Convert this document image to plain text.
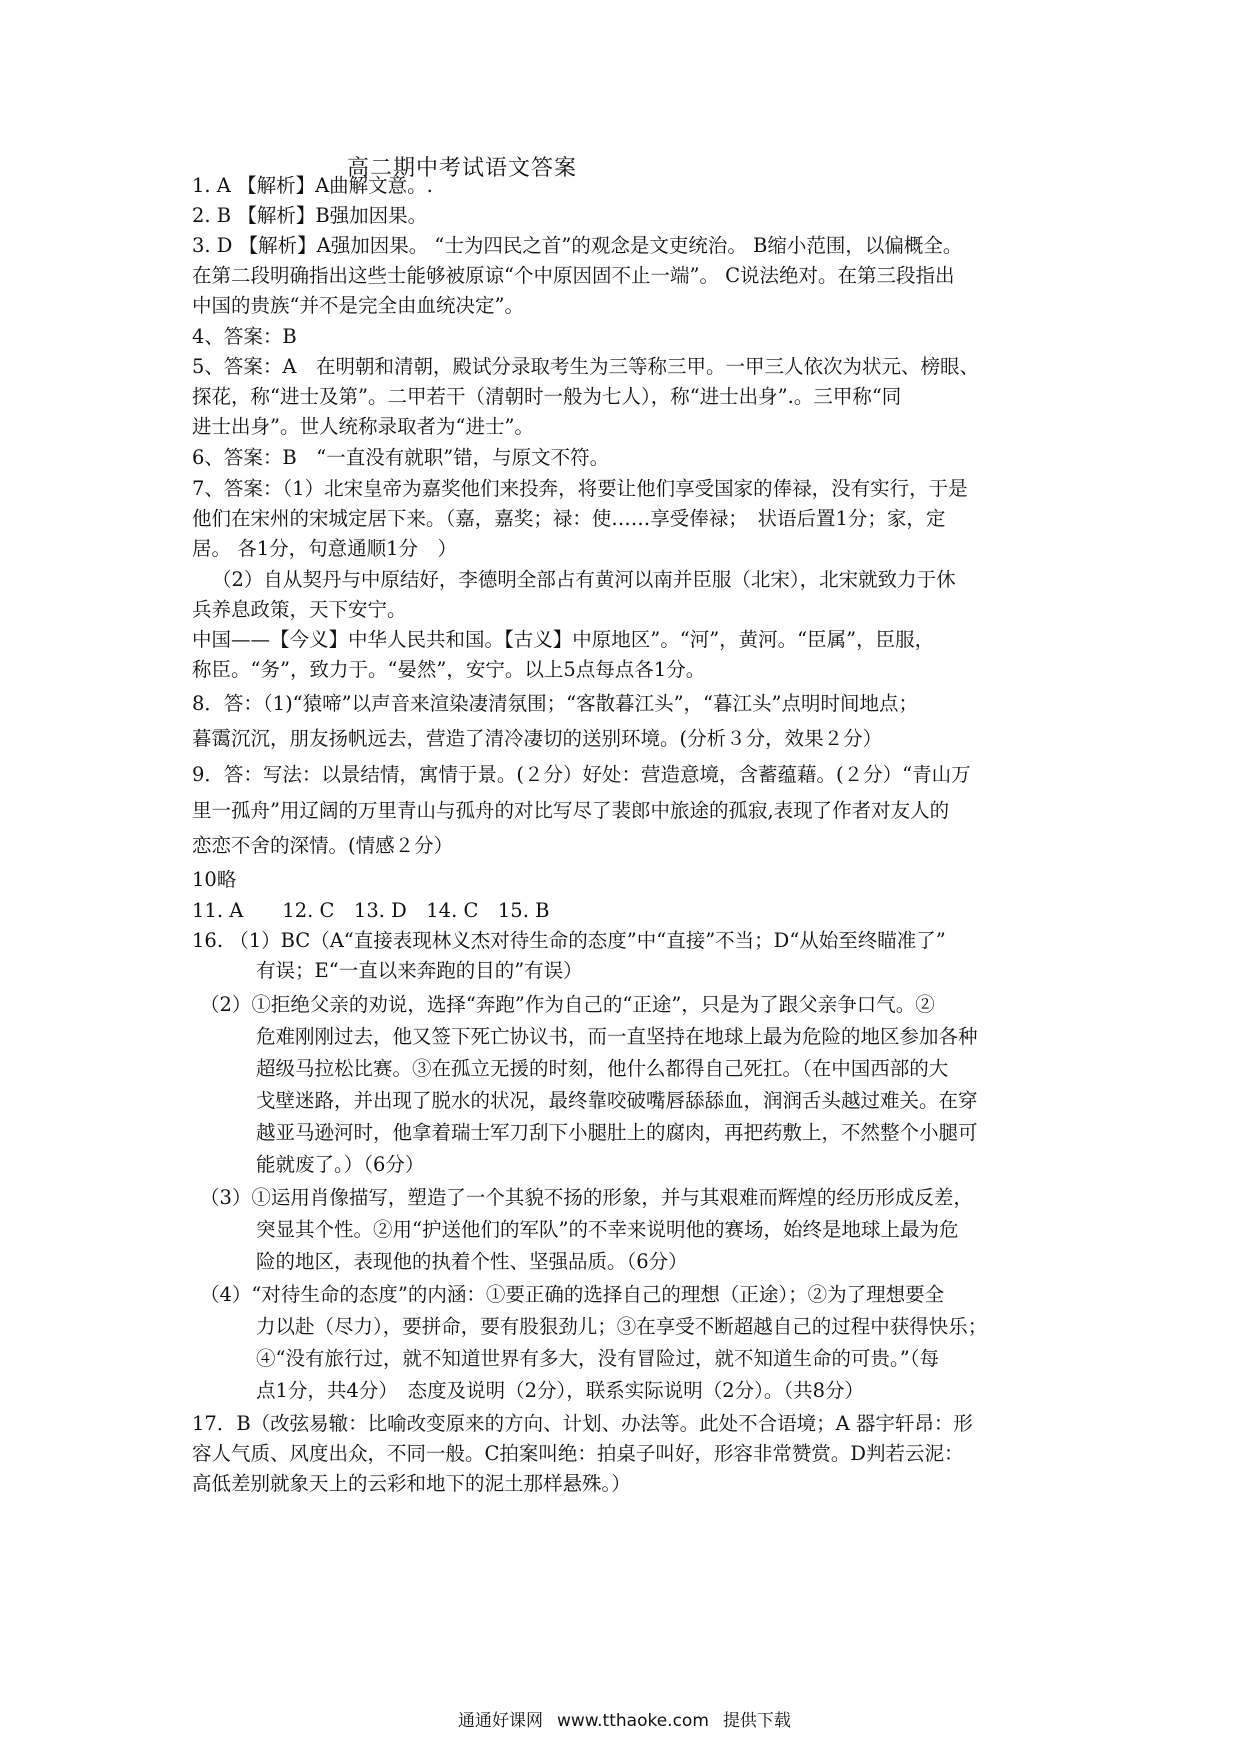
高二期中考试语文答案
1. A 【解析】A曲解文意。.
2. B 【解析】B强加因果。
3. D 【解析】A强加因果。 “士为四民之首”的观念是文吏统治。 B缩小范围，以偏概全。
在第二段明确指出这些士能够被原谅“个中原因固不止一端”。 C说法绝对。在第三段指出
中国的贵族“并不是完全由血统决定”。
4、答案：B
5、答案：A　在明朝和清朝，殿试分录取考生为三等称三甲。一甲三人依次为状元、榜眼、
探花，称“进士及第”。二甲若干（清朝时一般为七人），称“进士出身”.。三甲称“同
进士出身”。世人统称录取者为“进士”。
6、答案：B　“一直没有就职”错，与原文不符。
7、答案：（1）北宋皇帝为嘉奖他们来投奔，将要让他们享受国家的俸禄，没有实行，于是
他们在宋州的宋城定居下来。（嘉，嘉奖；禄：使……享受俸禄；　状语后置1分；家，定
居。 各1分，句意通顺1分　）
（2）自从契丹与中原结好，李德明全部占有黄河以南并臣服（北宋），北宋就致力于休
兵养息政策，天下安宁。
中国——【今义】中华人民共和国。【古义】中原地区”。“河”，黄河。“臣属”，臣服，
称臣。“务”，致力于。“晏然”，安宁。以上5点每点各1分。
8．答：（1)“猿啼”以声音来渲染凄清氛围；“客散暮江头”，“暮江头”点明时间地点；
暮霭沉沉，朋友扬帆远去，营造了清冷凄切的送别环境。(分析３分，效果２分）
9．答：写法：以景结情，寓情于景。(２分）好处：营造意境，含蓄蕴藉。(２分）“青山万
里一孤舟”用辽阔的万里青山与孤舟的对比写尽了裴郎中旅途的孤寂,表现了作者对友人的
恋恋不舍的深情。(情感２分）
10略
11. A　　12. C　13. D　14. C　15. B
16. （1）BC（A“直接表现林义杰对待生命的态度”中“直接”不当；D“从始至终瞄准了”
有误；E“一直以来奔跑的目的”有误）
（2）①拒绝父亲的劝说，选择“奔跑”作为自己的“正途”，只是为了跟父亲争口气。②
危难刚刚过去，他又签下死亡协议书，而一直坚持在地球上最为危险的地区参加各种
超级马拉松比赛。③在孤立无援的时刻，他什么都得自己死扛。（在中国西部的大
戈壁迷路，并出现了脱水的状况，最终靠咬破嘴唇舔舔血，润润舌头越过难关。在穿
越亚马逊河时，他拿着瑞士军刀刮下小腿肚上的腐肉，再把药敷上，不然整个小腿可
能就废了。）（6分）
（3）①运用肖像描写，塑造了一个其貌不扬的形象，并与其艰难而辉煌的经历形成反差，
突显其个性。②用“护送他们的军队”的不幸来说明他的赛场，始终是地球上最为危
险的地区，表现他的执着个性、坚强品质。（6分）
（4）“对待生命的态度”的内涵：①要正确的选择自己的理想（正途）；②为了理想要全
力以赴（尽力），要拼命，要有股狠劲儿；③在享受不断超越自己的过程中获得快乐；
④“没有旅行过，就不知道世界有多大，没有冒险过，就不知道生命的可贵。”（每
点1分，共4分）　态度及说明（2分），联系实际说明（2分）。（共8分）
17．B（改弦易辙：比喻改变原来的方向、计划、办法等。此处不合语境；A 器宇轩昂：形
容人气质、风度出众，不同一般。C拍案叫绝：拍桌子叫好，形容非常赞赏。D判若云泥：
高低差别就象天上的云彩和地下的泥土那样悬殊。）
通通好课网 www.tthaoke.com 提供下载
